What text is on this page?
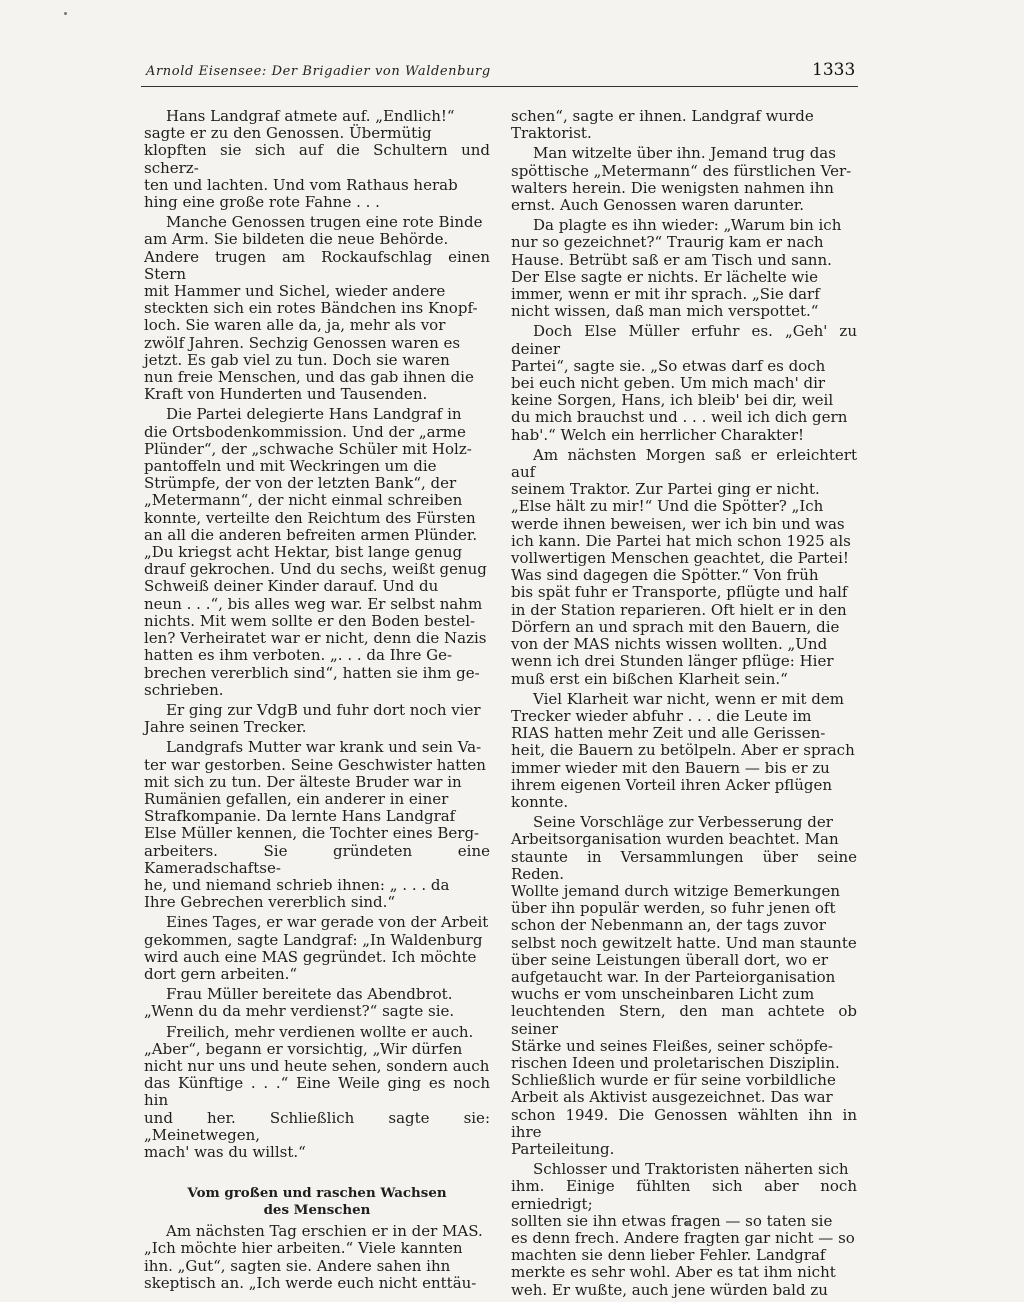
Arnold Eisensee: Der Brigadier von Waldenburg	1333

Hans Landgraf atmete auf. „Endlich!“
sagte er zu den Genossen. Übermütig
klopften sie sich auf die Schultern und scherz-
ten und lachten. Und vom Rathaus herab
hing eine große rote Fahne . . .

Manche Genossen trugen eine rote Binde
am Arm. Sie bildeten die neue Behörde.
Andere trugen am Rockaufschlag einen Stern
mit Hammer und Sichel, wieder andere
steckten sich ein rotes Bändchen ins Knopf-
loch. Sie waren alle da, ja, mehr als vor
zwölf Jahren. Sechzig Genossen waren es
jetzt. Es gab viel zu tun. Doch sie waren
nun freie Menschen, und das gab ihnen die
Kraft von Hunderten und Tausenden.

Die Partei delegierte Hans Landgraf in
die Ortsbodenkommission. Und der „arme
Plünder“, der „schwache Schüler mit Holz-
pantoffeln und mit Weckringen um die
Strümpfe, der von der letzten Bank“, der
„Metermann“, der nicht einmal schreiben
konnte, verteilte den Reichtum des Fürsten
an all die anderen befreiten armen Plünder.
„Du kriegst acht Hektar, bist lange genug
drauf gekrochen. Und du sechs, weißt genug
Schweiß deiner Kinder darauf. Und du
neun . . .“, bis alles weg war. Er selbst nahm
nichts. Mit wem sollte er den Boden bestel-
len? Verheiratet war er nicht, denn die Nazis
hatten es ihm verboten. „. . . da Ihre Ge-
brechen vererblich sind“, hatten sie ihm ge-
schrieben.

Er ging zur VdgB und fuhr dort noch vier
Jahre seinen Trecker.

Landgrafs Mutter war krank und sein Va-
ter war gestorben. Seine Geschwister hatten
mit sich zu tun. Der älteste Bruder war in
Rumänien gefallen, ein anderer in einer
Strafkompanie. Da lernte Hans Landgraf
Else Müller kennen, die Tochter eines Berg-
arbeiters. Sie gründeten eine Kameradschaftse-
he, und niemand schrieb ihnen: „ . . . da
Ihre Gebrechen vererblich sind.“

Eines Tages, er war gerade von der Arbeit
gekommen, sagte Landgraf: „In Waldenburg
wird auch eine MAS gegründet. Ich möchte
dort gern arbeiten.“

Frau Müller bereitete das Abendbrot.
„Wenn du da mehr verdienst?“ sagte sie.

Freilich, mehr verdienen wollte er auch.
„Aber“, begann er vorsichtig, „Wir dürfen
nicht nur uns und heute sehen, sondern auch
das Künftige . . .“ Eine Weile ging es noch hin
und her. Schließlich sagte sie: „Meinetwegen,
mach' was du willst.“

Vom großen und raschen Wachsen
des Menschen

Am nächsten Tag erschien er in der MAS.
„Ich möchte hier arbeiten.“ Viele kannten
ihn. „Gut“, sagten sie. Andere sahen ihn
skeptisch an. „Ich werde euch nicht enttäu-

schen“, sagte er ihnen. Landgraf wurde
Traktorist.

Man witzelte über ihn. Jemand trug das
spöttische „Metermann“ des fürstlichen Ver-
walters herein. Die wenigsten nahmen ihn
ernst. Auch Genossen waren darunter.

Da plagte es ihn wieder: „Warum bin ich
nur so gezeichnet?“ Traurig kam er nach
Hause. Betrübt saß er am Tisch und sann.
Der Else sagte er nichts. Er lächelte wie
immer, wenn er mit ihr sprach. „Sie darf
nicht wissen, daß man mich verspottet.“

Doch Else Müller erfuhr es. „Geh' zu deiner
Partei“, sagte sie. „So etwas darf es doch
bei euch nicht geben. Um mich mach' dir
keine Sorgen, Hans, ich bleib' bei dir, weil
du mich brauchst und . . . weil ich dich gern
hab'.“ Welch ein herrlicher Charakter!

Am nächsten Morgen saß er erleichtert auf
seinem Traktor. Zur Partei ging er nicht.
„Else hält zu mir!“ Und die Spötter? „Ich
werde ihnen beweisen, wer ich bin und was
ich kann. Die Partei hat mich schon 1925 als
vollwertigen Menschen geachtet, die Partei!
Was sind dagegen die Spötter.“ Von früh
bis spät fuhr er Transporte, pflügte und half
in der Station reparieren. Oft hielt er in den
Dörfern an und sprach mit den Bauern, die
von der MAS nichts wissen wollten. „Und
wenn ich drei Stunden länger pflüge: Hier
muß erst ein bißchen Klarheit sein.“

Viel Klarheit war nicht, wenn er mit dem
Trecker wieder abfuhr . . . die Leute im
RIAS hatten mehr Zeit und alle Gerissen-
heit, die Bauern zu betölpeln. Aber er sprach
immer wieder mit den Bauern — bis er zu
ihrem eigenen Vorteil ihren Acker pflügen
konnte.

Seine Vorschläge zur Verbesserung der
Arbeitsorganisation wurden beachtet. Man
staunte in Versammlungen über seine Reden.
Wollte jemand durch witzige Bemerkungen
über ihn populär werden, so fuhr jenen oft
schon der Nebenmann an, der tags zuvor
selbst noch gewitzelt hatte. Und man staunte
über seine Leistungen überall dort, wo er
aufgetaucht war. In der Parteiorganisation
wuchs er vom unscheinbaren Licht zum
leuchtenden Stern, den man achtete ob seiner
Stärke und seines Fleißes, seiner schöpfe-
rischen Ideen und proletarischen Disziplin.
Schließlich wurde er für seine vorbildliche
Arbeit als Aktivist ausgezeichnet. Das war
schon 1949. Die Genossen wählten ihn in ihre
Parteileitung.

Schlosser und Traktoristen näherten sich
ihm. Einige fühlten sich aber noch erniedrigt;
sollten sie ihn etwas fragen — so taten sie
es denn frech. Andere fragten gar nicht — so
machten sie denn lieber Fehler. Landgraf
merkte es sehr wohl. Aber es tat ihm nicht
weh. Er wußte, auch jene würden bald zu
